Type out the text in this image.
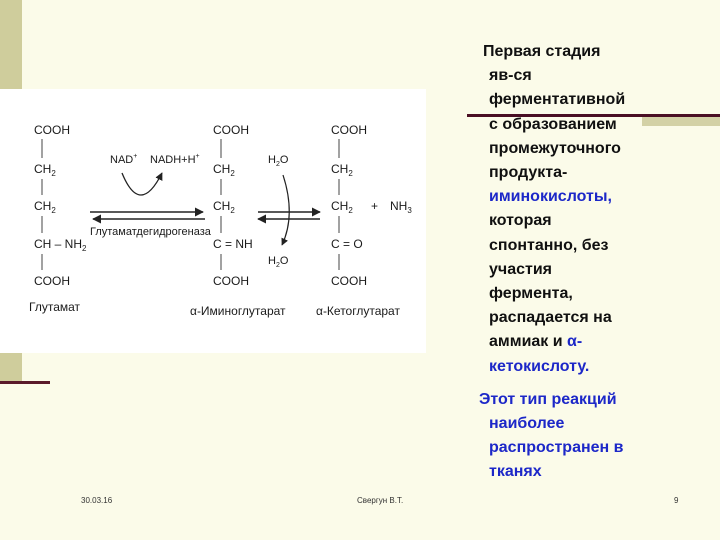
COOH
$CH_2$
$CH_2$
CH – $NH_2$
COOH
Глутамат
NAD+ NADH+H+
Глутаматдегидрогеназа
COOH
$CH_2$
$CH_2$
C = NH
COOH
α-Иминоглутарат
$H_2O$
$H_2O$
COOH
$CH_2$
$CH_2$
C = O
COOH
α-Кетоглутарат
+ $NH_3$
Первая стадия
яв-ся
ферментативной
с образованием
промежуточного
продукта-
иминокислоты,
которая
спонтанно, без
участия
фермента,
распадается на
аммиак и α-
кетокислоту.
Этот тип реакций
наиболее
распространен в
тканях
30.03.16	Свергун В.Т.	9
